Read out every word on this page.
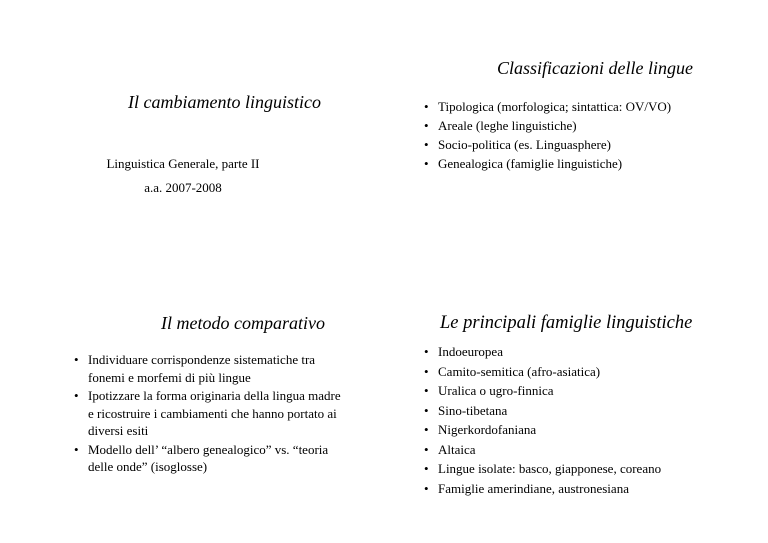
Il cambiamento linguistico
Linguistica Generale, parte II
a.a. 2007-2008
Classificazioni delle lingue
• Tipologica (morfologica; sintattica: OV/VO)
• Areale (leghe linguistiche)
• Socio-politica (es. Linguasphere)
• Genealogica (famiglie linguistiche)
Il metodo comparativo
• Individuare corrispondenze sistematiche tra fonemi e morfemi di più lingue
• Ipotizzare la forma originaria della lingua madre e ricostruire i cambiamenti che hanno portato ai diversi esiti
• Modello dell’ “albero genealogico” vs. “teoria delle onde” (isoglosse)
Le principali famiglie linguistiche
• Indoeuropea
• Camito-semitica (afro-asiatica)
• Uralica o ugro-finnica
• Sino-tibetana
• Nigerkordofaniana
• Altaica
• Lingue isolate: basco, giapponese, coreano
• Famiglie amerindiane, austronesiana
